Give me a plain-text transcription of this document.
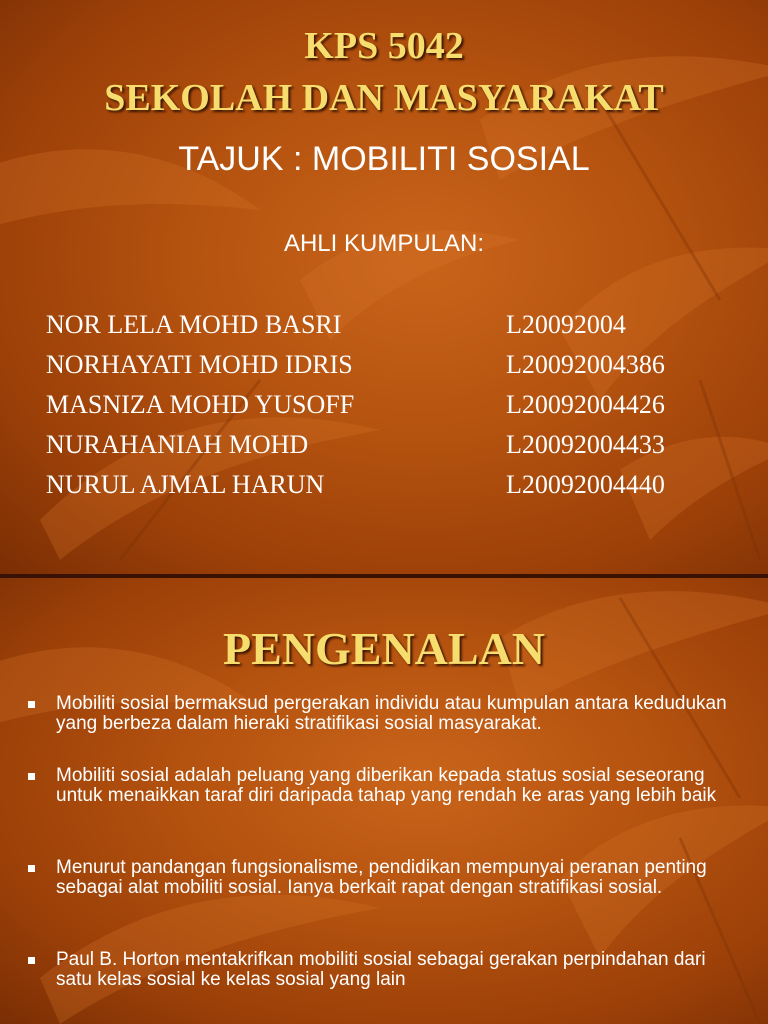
KPS 5042
SEKOLAH DAN MASYARAKAT
TAJUK : MOBILITI SOSIAL
AHLI KUMPULAN:
NOR LELA MOHD BASRI	L20092004
NORHAYATI MOHD IDRIS	L20092004386
MASNIZA MOHD YUSOFF	L20092004426
NURAHANIAH MOHD	L20092004433
NURUL AJMAL HARUN	L20092004440
PENGENALAN
Mobiliti sosial bermaksud pergerakan individu atau kumpulan antara kedudukan yang berbeza dalam hieraki stratifikasi sosial masyarakat.
Mobiliti sosial adalah peluang yang diberikan kepada status sosial seseorang untuk menaikkan taraf diri daripada tahap yang rendah ke aras yang lebih baik
Menurut pandangan fungsionalisme, pendidikan mempunyai peranan penting sebagai alat mobiliti sosial. Ianya berkait rapat dengan stratifikasi sosial.
Paul B. Horton mentakrifkan mobiliti sosial sebagai gerakan perpindahan dari satu kelas sosial ke kelas sosial yang lain
